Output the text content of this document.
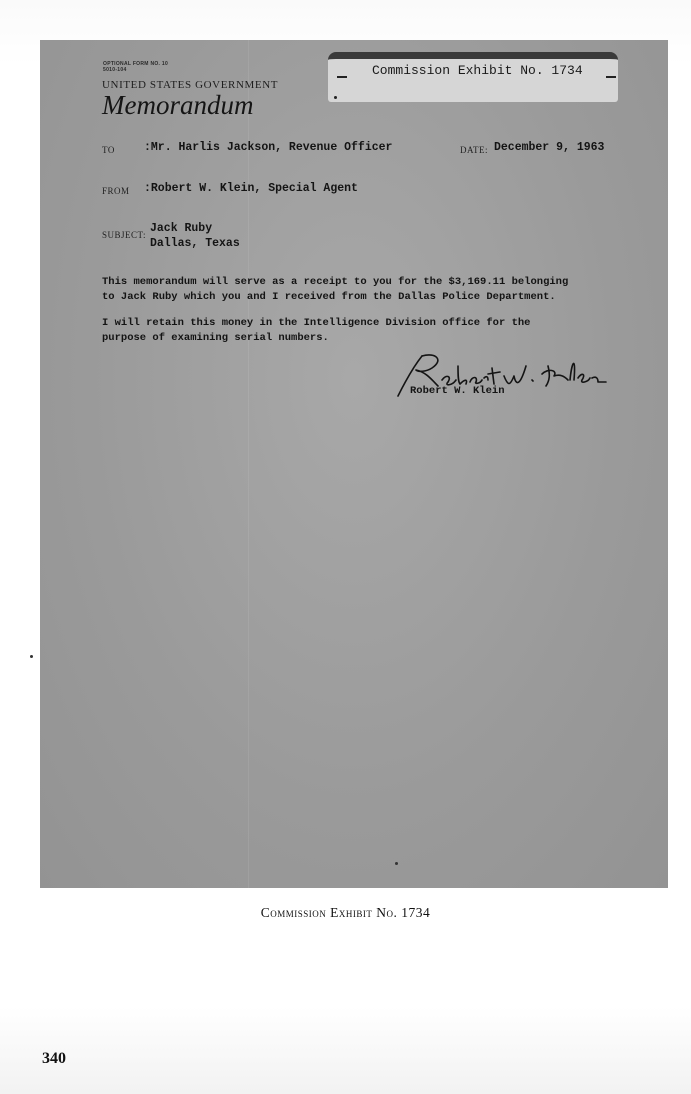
OPTIONAL FORM NO. 10
5010-104
UNITED STATES GOVERNMENT
Memorandum
Commission Exhibit No. 1734
TO	:Mr. Harlis Jackson, Revenue Officer	DATE: December 9, 1963
FROM :Robert W. Klein, Special Agent
SUBJECT: Jack Ruby
Dallas, Texas
This memorandum will serve as a receipt to you for the $3,169.11 belonging
to Jack Ruby which you and I received from the Dallas Police Department.
I will retain this money in the Intelligence Division office for the
purpose of examining serial numbers.
Robert W. Klein
Commission Exhibit No. 1734
340
